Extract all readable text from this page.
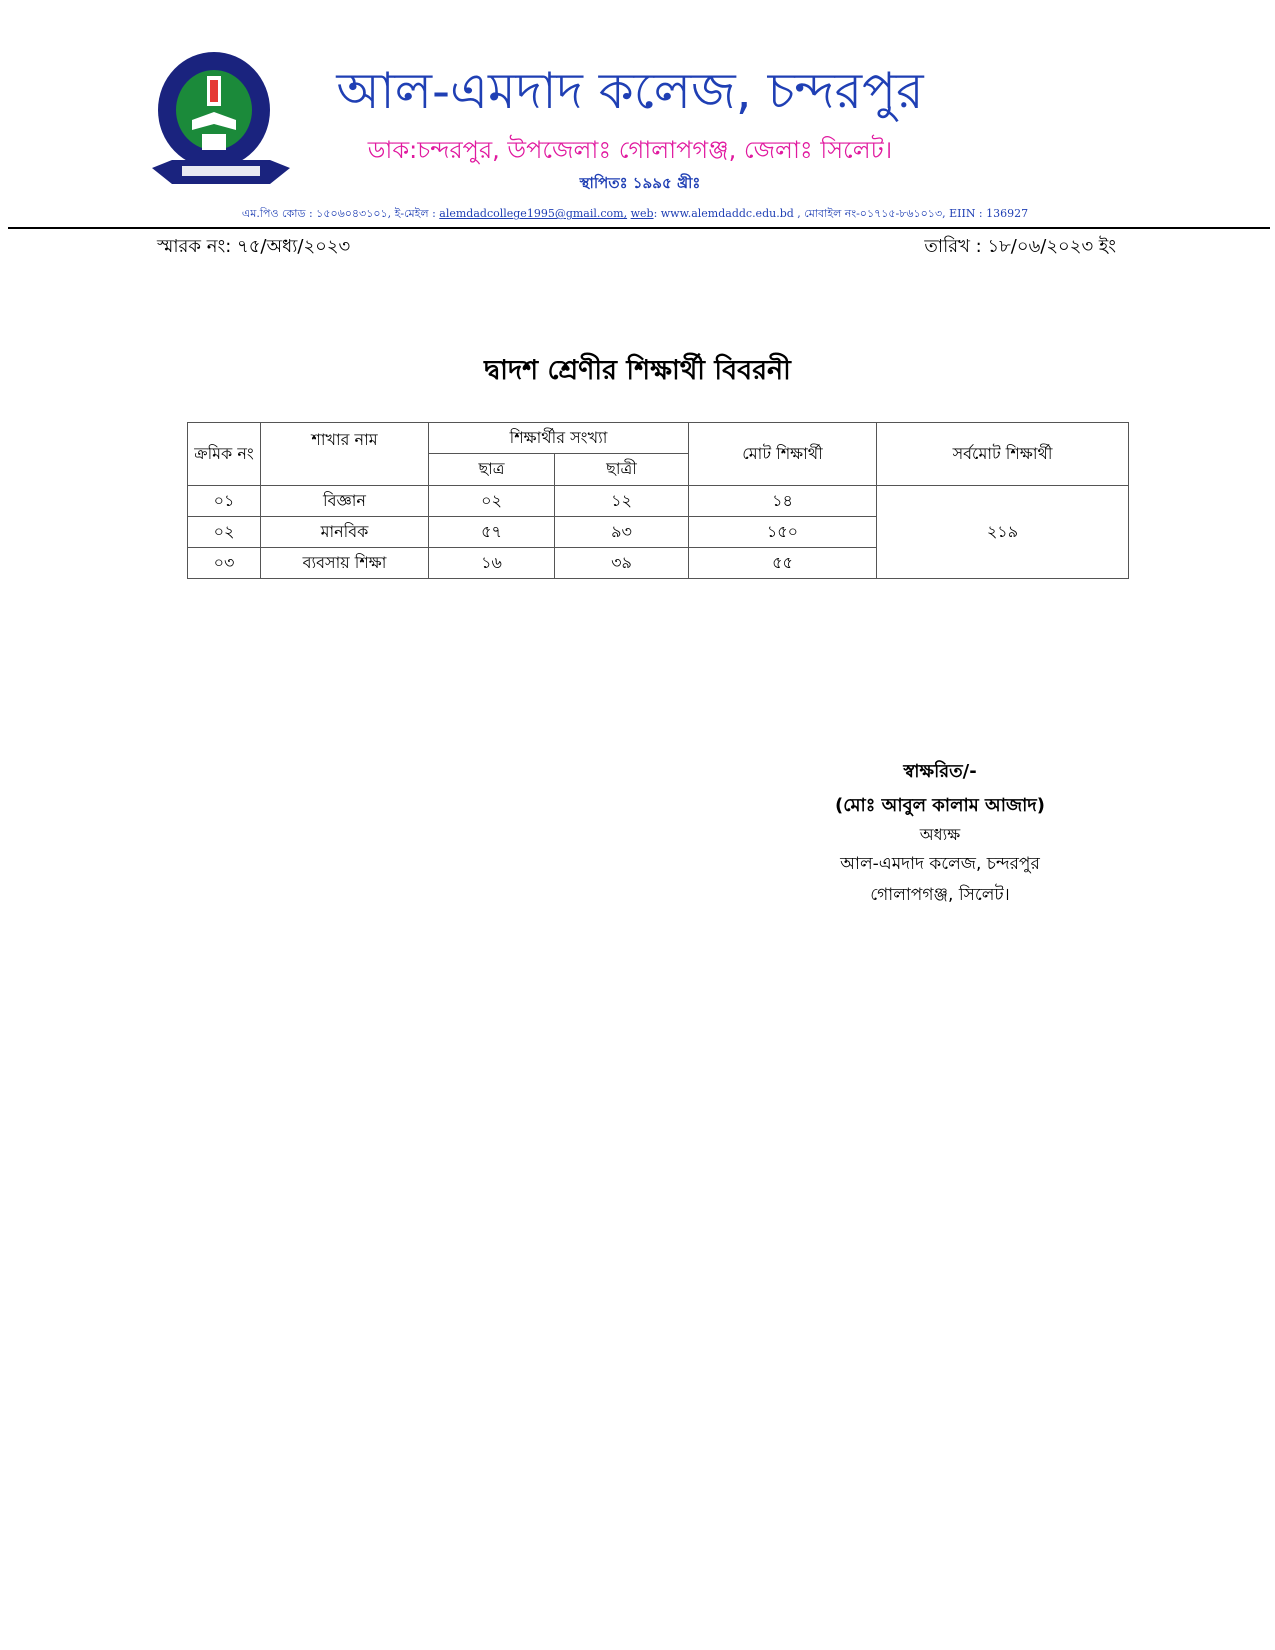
আল-এমদাদ কলেজ, চন্দরপুর
ডাক:চন্দরপুর, উপজেলাঃ গোলাপগঞ্জ, জেলাঃ সিলেট।
স্থাপিতঃ ১৯৯৫ খ্রীঃ
এম.পিও কোড : ১৫০৬০৪৩১০১, ই-মেইল : alemdadcollege1995@gmail.com, web: www.alemdaddc.edu.bd , মোবাইল নং-০১৭১৫-৮৬১০১৩, EIIN : 136927
স্মারক নং: ৭৫/অধ্য/২০২৩	তারিখ : ১৮/০৬/২০২৩ ইং
দ্বাদশ শ্রেণীর শিক্ষার্থী বিবরনী
ক্রমিক নং	শাখার নাম	শিক্ষার্থীর সংখ্যা		মোট শিক্ষার্থী	সর্বমোট শিক্ষার্থী
		ছাত্র	ছাত্রী		
০১	বিজ্ঞান	০২	১২	১৪	২১৯
০২	মানবিক	৫৭	৯৩	১৫০	
০৩	ব্যবসায় শিক্ষা	১৬	৩৯	৫৫	
স্বাক্ষরিত/-
(মোঃ আবুল কালাম আজাদ)
অধ্যক্ষ
আল-এমদাদ কলেজ, চন্দরপুর
গোলাপগঞ্জ, সিলেট।
